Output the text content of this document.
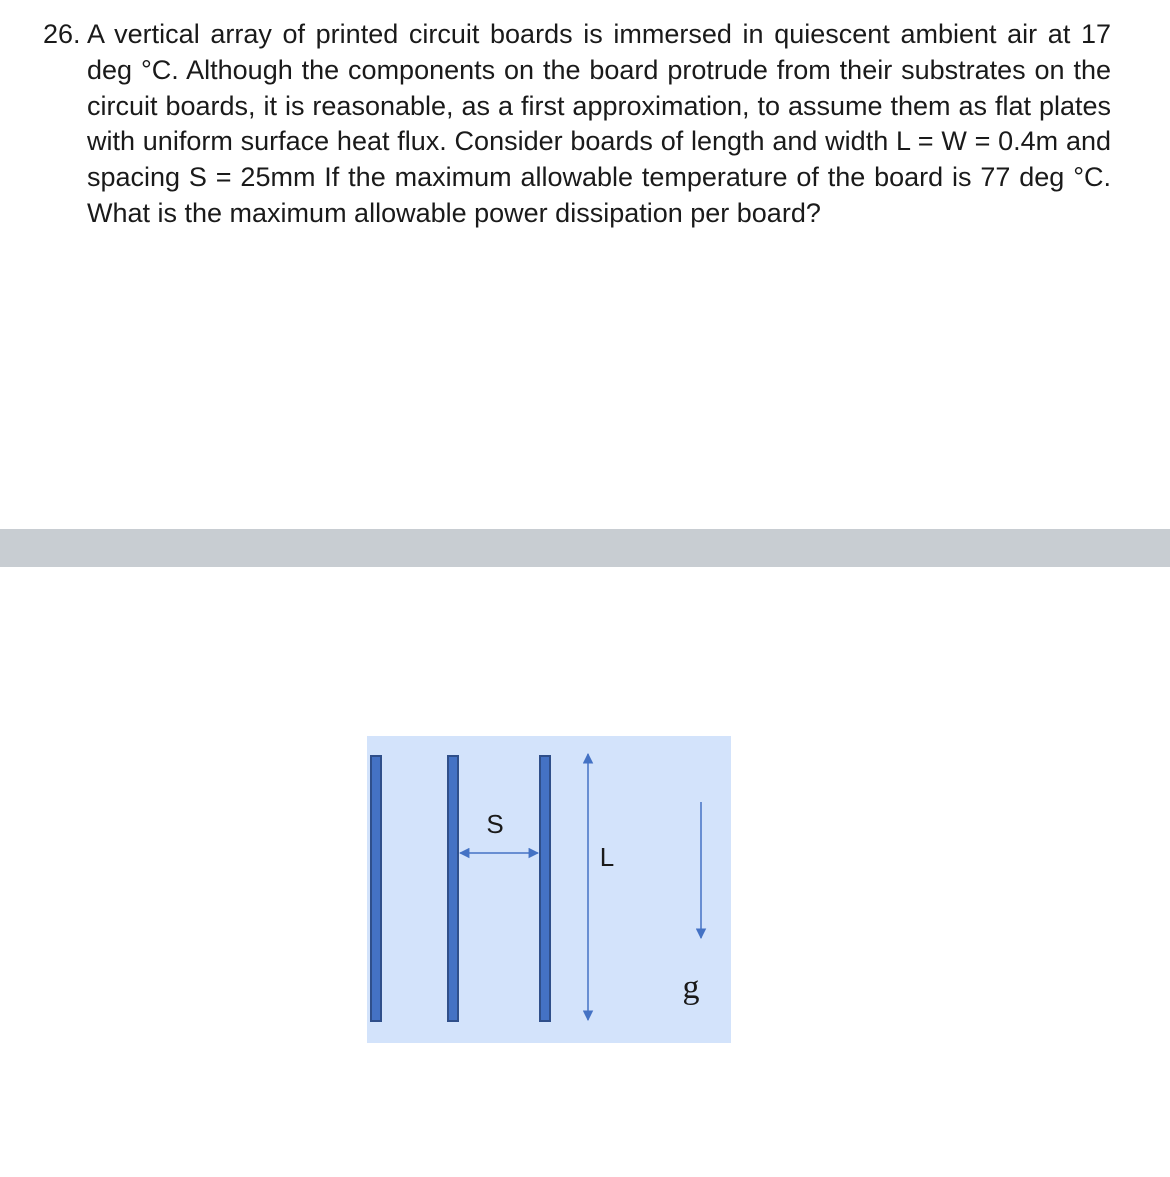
26. A vertical array of printed circuit boards is immersed in quiescent ambient air at 17 deg °C. Although the components on the board protrude from their substrates on the circuit boards, it is reasonable, as a first approximation, to assume them as flat plates with uniform surface heat flux. Consider boards of length and width L = W = 0.4m and spacing S = 25mm If the maximum allowable temperature of the board is 77 deg °C. What is the maximum allowable power dissipation per board?
S
L
g
